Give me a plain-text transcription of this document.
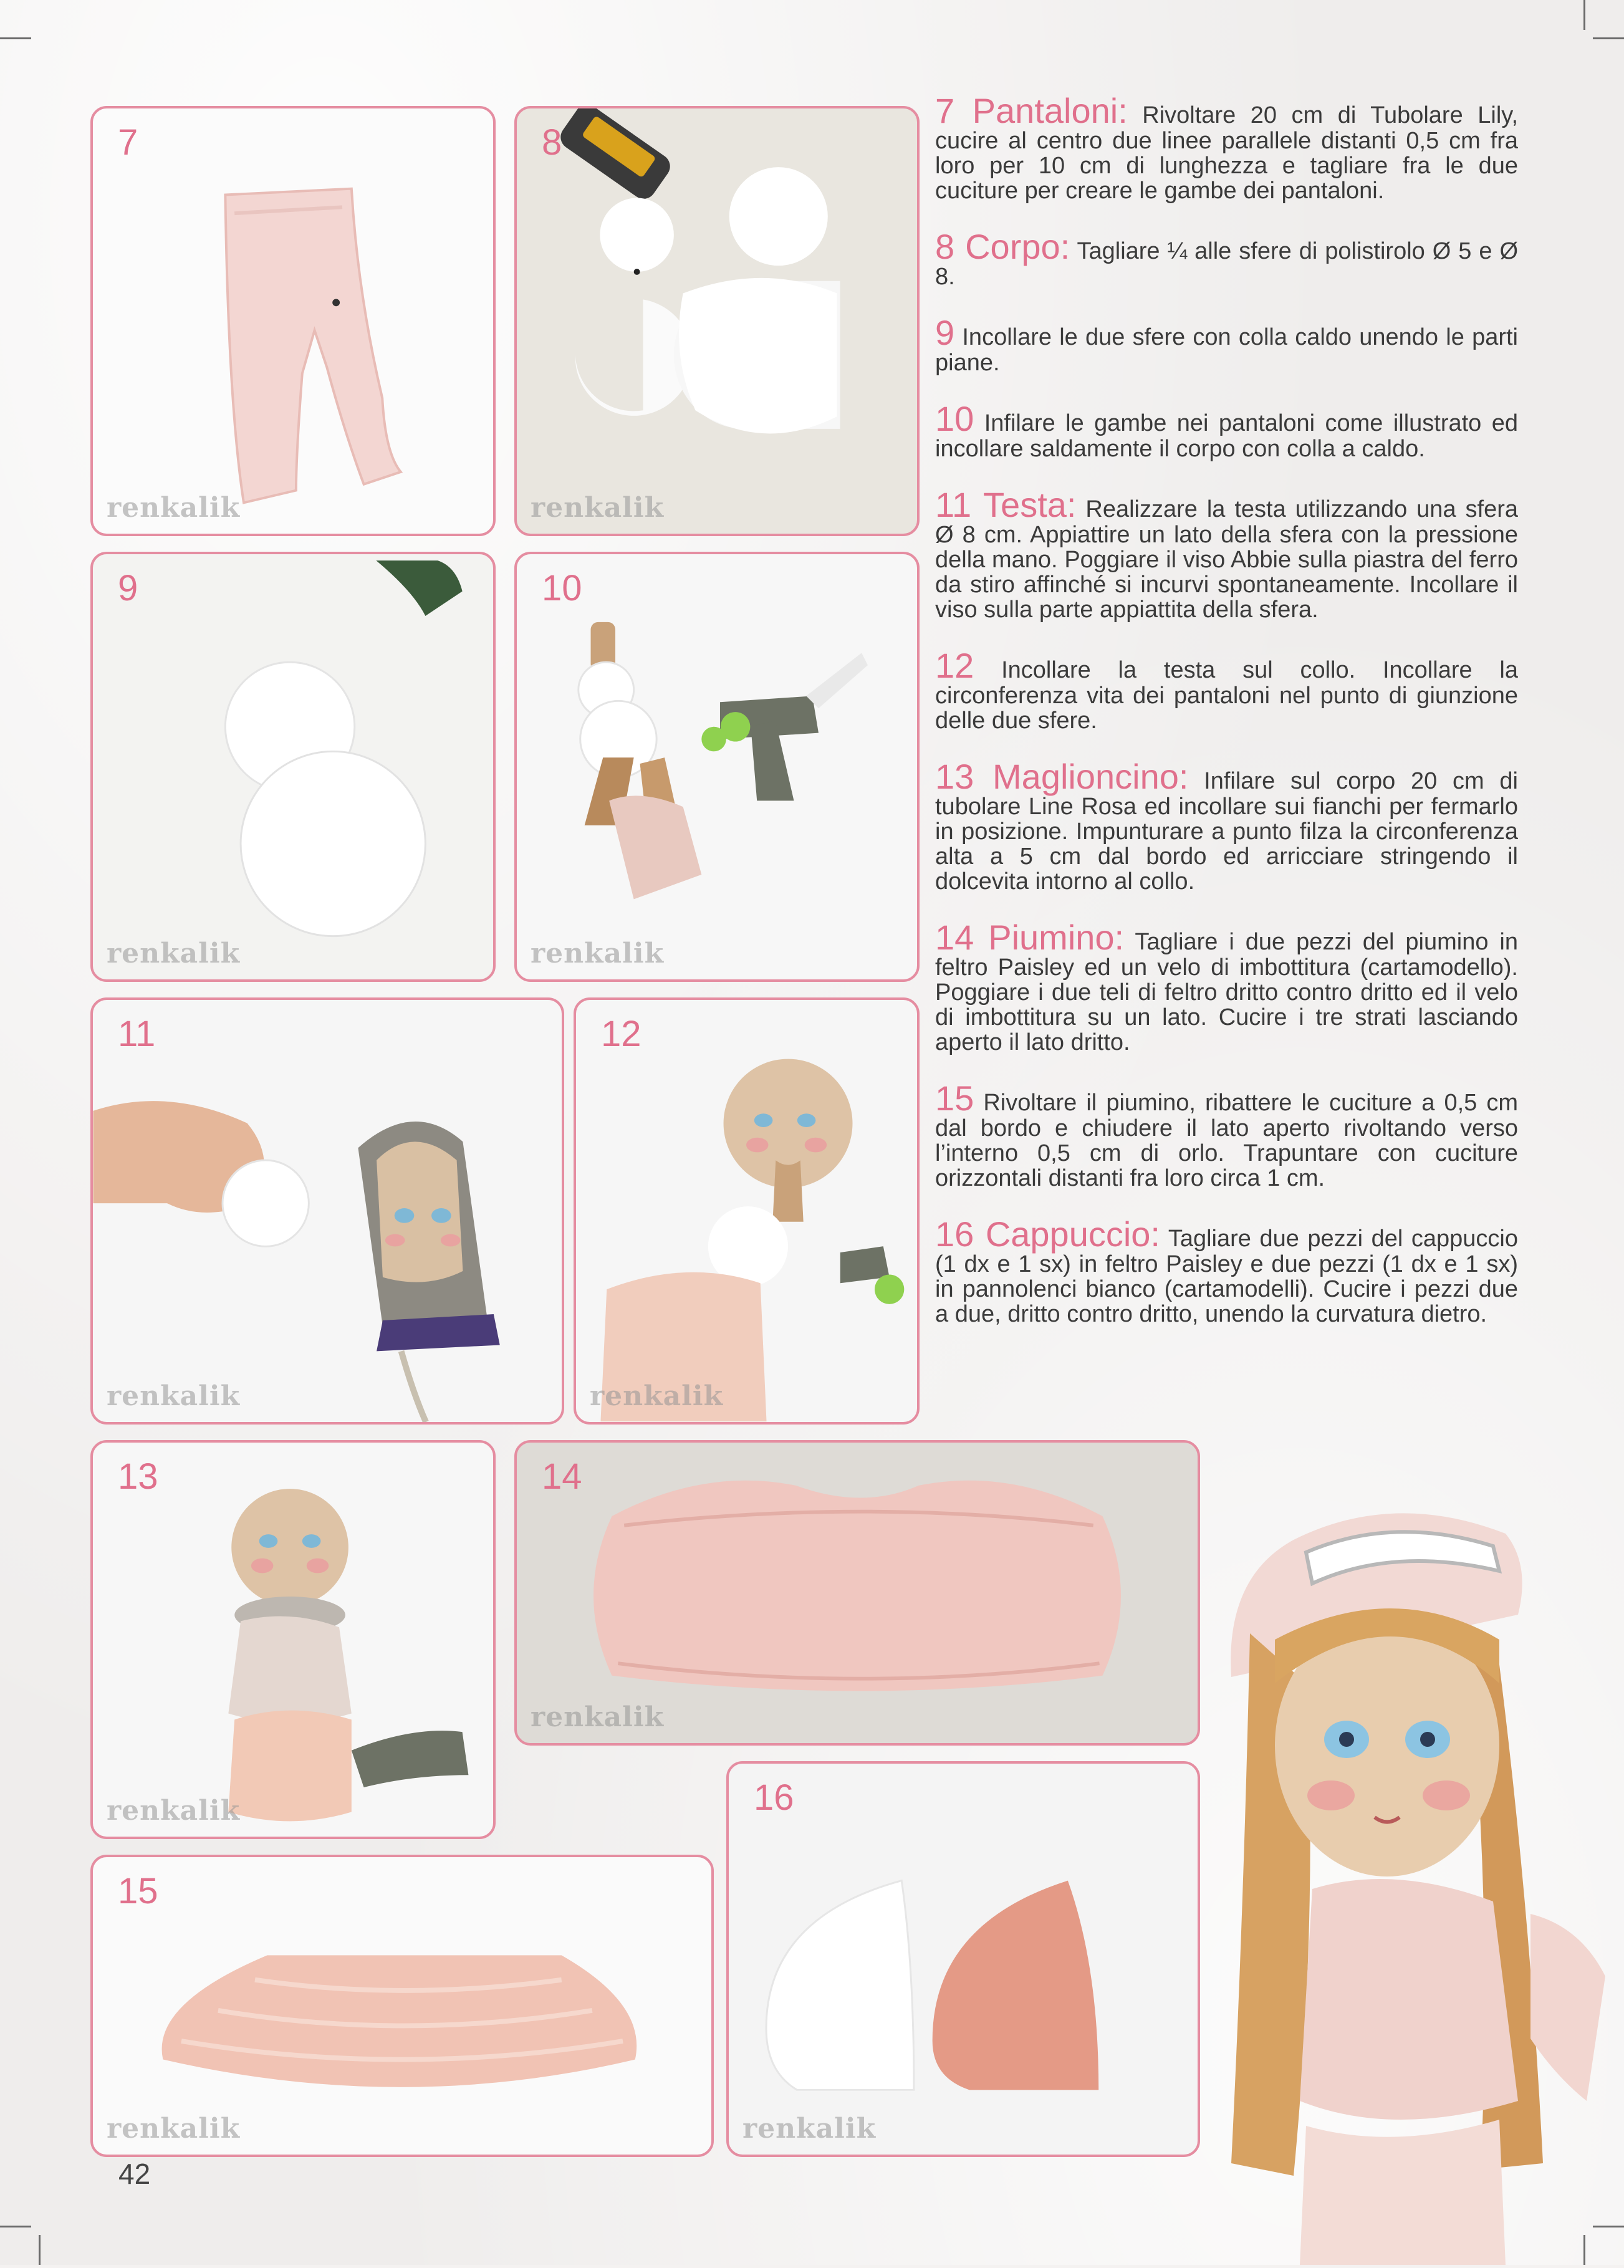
7
renkalik
8
renkalik
9
renkalik
10
renkalik
11
renkalik
12
renkalik
13
renkalik
14
renkalik
15
renkalik
16
renkalik

7 Pantaloni: Rivoltare 20 cm di Tubolare Lily, cucire al centro due linee parallele distanti 0,5 cm fra loro per 10 cm di lunghezza e tagliare fra le due cuciture per creare le gambe dei pantaloni.

8 Corpo: Tagliare ¼ alle sfere di polistirolo Ø 5 e Ø 8.

9 Incollare le due sfere con colla caldo unendo le parti piane.

10 Infilare le gambe nei pantaloni come illustrato ed incollare saldamente il corpo con colla a caldo.

11 Testa: Realizzare la testa utilizzando una sfera Ø 8 cm. Appiattire un lato della sfera con la pressione della mano. Poggiare il viso Abbie sulla piastra del ferro da stiro affinché si incurvi spontaneamente. Incollare il viso sulla parte appiattita della sfera.

12 Incollare la testa sul collo. Incollare la circonferenza vita dei pantaloni nel punto di giunzione delle due sfere.

13 Maglioncino: Infilare sul corpo 20 cm di tubolare Line Rosa ed incollare sui fianchi per fermarlo in posizione. Impunturare a punto filza la circonferenza alta a 5 cm dal bordo ed arricciare stringendo il dolcevita intorno al collo.

14 Piumino: Tagliare i due pezzi del piumino in feltro Paisley ed un velo di imbottitura (cartamodello). Poggiare i due teli di feltro dritto contro dritto ed il velo di imbottitura su un lato. Cucire i tre strati lasciando aperto il lato dritto.

15 Rivoltare il piumino, ribattere le cuciture a 0,5 cm dal bordo e chiudere il lato aperto rivoltando verso l’interno 0,5 cm di orlo. Trapuntare con cuciture orizzontali distanti fra loro circa 1 cm.

16 Cappuccio: Tagliare due pezzi del cappuccio (1 dx e 1 sx) in feltro Paisley e due pezzi (1 dx e 1 sx) in pannolenci bianco (cartamodelli). Cucire i pezzi due a due, dritto contro dritto, unendo la curvatura dietro.

42
